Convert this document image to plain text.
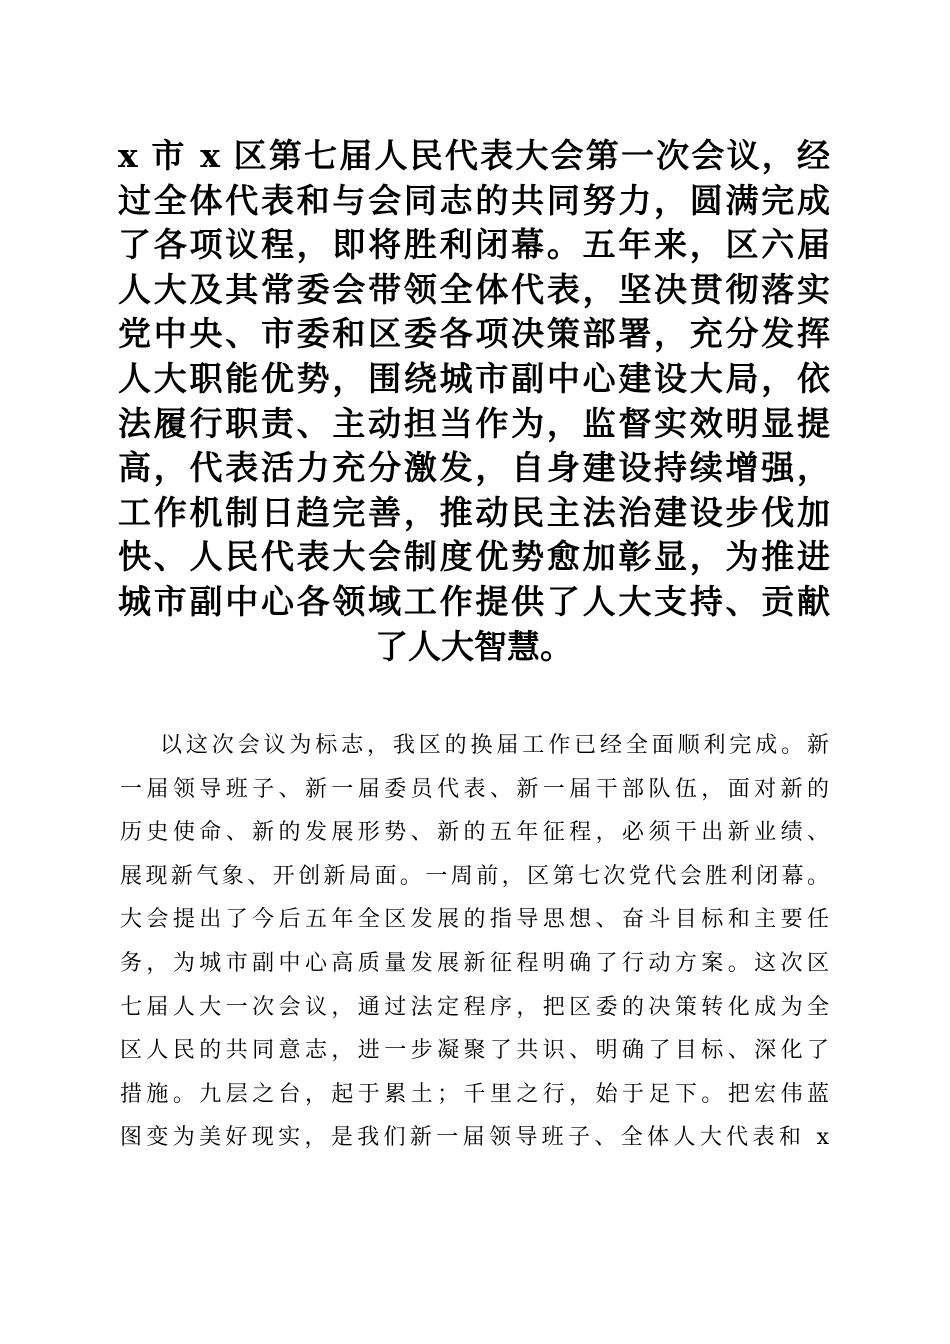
x 市 x 区第七届人民代表大会第一次会议，经
过全体代表和与会同志的共同努力，圆满完成
了各项议程，即将胜利闭幕。五年来，区六届
人大及其常委会带领全体代表，坚决贯彻落实
党中央、市委和区委各项决策部署，充分发挥
人大职能优势，围绕城市副中心建设大局，依
法履行职责、主动担当作为，监督实效明显提
高，代表活力充分激发，自身建设持续增强，
工作机制日趋完善，推动民主法治建设步伐加
快、人民代表大会制度优势愈加彰显，为推进
城市副中心各领域工作提供了人大支持、贡献
了人大智慧。
以这次会议为标志，我区的换届工作已经全面顺利完成。新
一届领导班子、新一届委员代表、新一届干部队伍，面对新的
历史使命、新的发展形势、新的五年征程，必须干出新业绩、
展现新气象、开创新局面。一周前，区第七次党代会胜利闭幕。
大会提出了今后五年全区发展的指导思想、奋斗目标和主要任
务，为城市副中心高质量发展新征程明确了行动方案。这次区
七届人大一次会议，通过法定程序，把区委的决策转化成为全
区人民的共同意志，进一步凝聚了共识、明确了目标、深化了
措施。九层之台，起于累土；千里之行，始于足下。把宏伟蓝
图变为美好现实，是我们新一届领导班子、全体人大代表和 x
